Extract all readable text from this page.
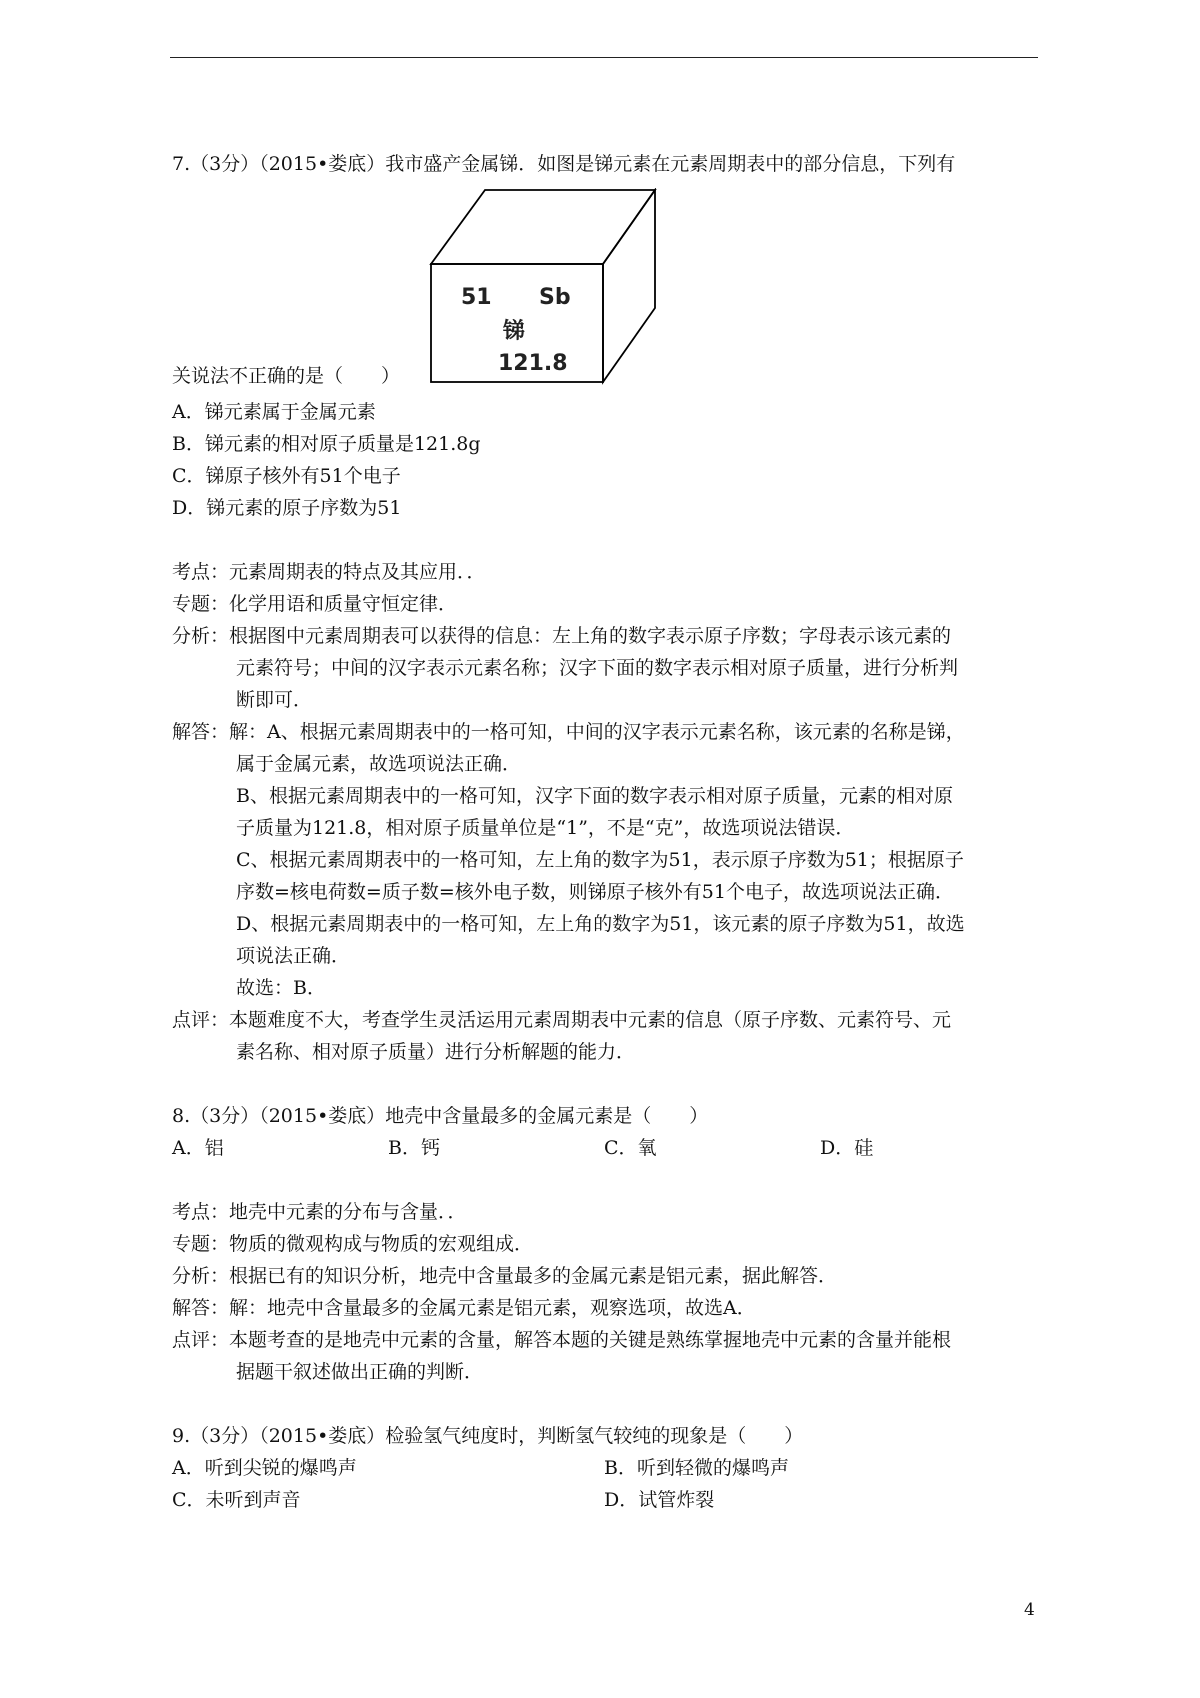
7.（3分）（2015•娄底）我市盛产金属锑．如图是锑元素在元素周期表中的部分信息，下列有
51 Sb
锑
121.8
关说法不正确的是（　　）
A．锑元素属于金属元素
B．锑元素的相对原子质量是121.8g
C．锑原子核外有51个电子
D．锑元素的原子序数为51
考点：元素周期表的特点及其应用．．
专题：化学用语和质量守恒定律．
分析：根据图中元素周期表可以获得的信息：左上角的数字表示原子序数；字母表示该元素的
元素符号；中间的汉字表示元素名称；汉字下面的数字表示相对原子质量，进行分析判
断即可．
解答：解：A、根据元素周期表中的一格可知，中间的汉字表示元素名称，该元素的名称是锑，
属于金属元素，故选项说法正确．
B、根据元素周期表中的一格可知，汉字下面的数字表示相对原子质量，元素的相对原
子质量为121.8，相对原子质量单位是“1”，不是“克”，故选项说法错误．
C、根据元素周期表中的一格可知，左上角的数字为51，表示原子序数为51；根据原子
序数=核电荷数=质子数=核外电子数，则锑原子核外有51个电子，故选项说法正确．
D、根据元素周期表中的一格可知，左上角的数字为51，该元素的原子序数为51，故选
项说法正确．
故选：B．
点评：本题难度不大，考查学生灵活运用元素周期表中元素的信息（原子序数、元素符号、元
素名称、相对原子质量）进行分析解题的能力．
8.（3分）（2015•娄底）地壳中含量最多的金属元素是（　　）
A．铝	B．钙	C．氧	D．硅
考点：地壳中元素的分布与含量．．
专题：物质的微观构成与物质的宏观组成．
分析：根据已有的知识分析，地壳中含量最多的金属元素是铝元素，据此解答．
解答：解：地壳中含量最多的金属元素是铝元素，观察选项，故选A．
点评：本题考查的是地壳中元素的含量，解答本题的关键是熟练掌握地壳中元素的含量并能根
据题干叙述做出正确的判断．
9.（3分）（2015•娄底）检验氢气纯度时，判断氢气较纯的现象是（　　）
A．听到尖锐的爆鸣声	B．听到轻微的爆鸣声
C．未听到声音	D．试管炸裂
4
